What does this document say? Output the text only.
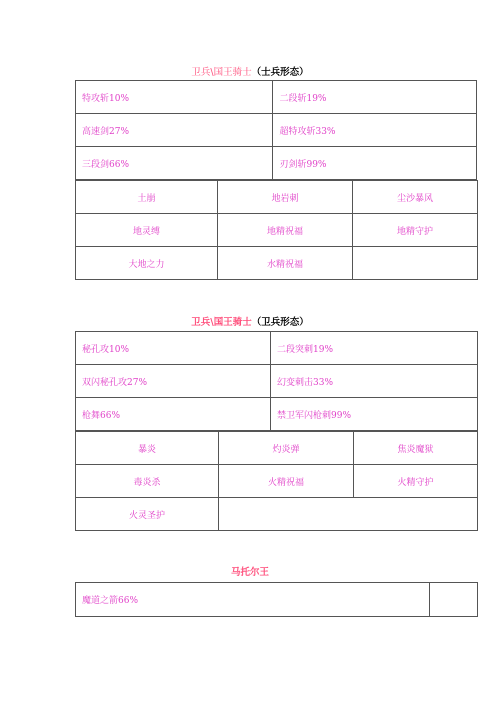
卫兵\国王骑士（士兵形态）
特攻斩10%	二段斩19%
高速剑27%	超特攻斩33%
三段剑66%	刃剑斩99%
土崩	地岩刺	尘沙暴风
地灵缚	地精祝福	地精守护
大地之力	水精祝福	
卫兵\国王骑士（卫兵形态）
秘孔攻10%	二段突刺19%
双闪秘孔攻27%	幻变刺击33%
枪舞66%	禁卫军闪枪刺99%
暴炎	灼炎弹	焦炎魔狱
毒炎杀	火精祝福	火精守护
火灵圣护		
马托尔王
魔道之箭66%	
